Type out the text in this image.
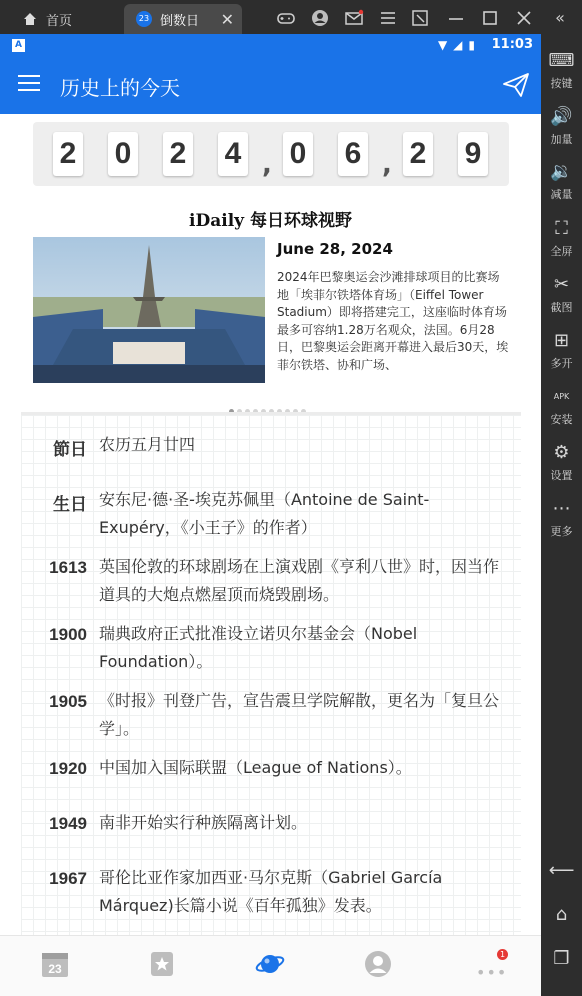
首页	23 倒数日 ✕	«
⌨
按键
🔊
加量
🔉
减量
⛶
全屏
✂
截图
⊞
多开
APK
安装
⚙
设置
⋯
更多
⟵
⌂
❐
A	▼◢▮ 11:03
历史上的今天
2 0 2 4 , 0 6 , 2 9
iDaily 每日环球视野
June 28, 2024
2024年巴黎奥运会沙滩排球项目的比赛场地「埃菲尔铁塔体育场」（Eiffel Tower Stadium）即将搭建完工，这座临时体育场最多可容纳1.28万名观众，法国。6月28日，巴黎奥运会距离开幕进入最后30天，埃菲尔铁塔、协和广场、
節日 农历五月廿四
生日 安东尼·德·圣-埃克苏佩里（Antoine de Saint-Exupéry，《小王子》的作者）
1613 英国伦敦的环球剧场在上演戏剧《亨利八世》时，因当作道具的大炮点燃屋顶而烧毁剧场。
1900 瑞典政府正式批准设立诺贝尔基金会（Nobel Foundation）。
1905 《时报》刊登广告，宣告震旦学院解散，更名为「复旦公学」。
1920 中国加入国际联盟（League of Nations）。
1949 南非开始实行种族隔离计划。
1967 哥伦比亚作家加西亚·马尔克斯（Gabriel García Márquez)长篇小说《百年孤独》发表。
23	•••
1
